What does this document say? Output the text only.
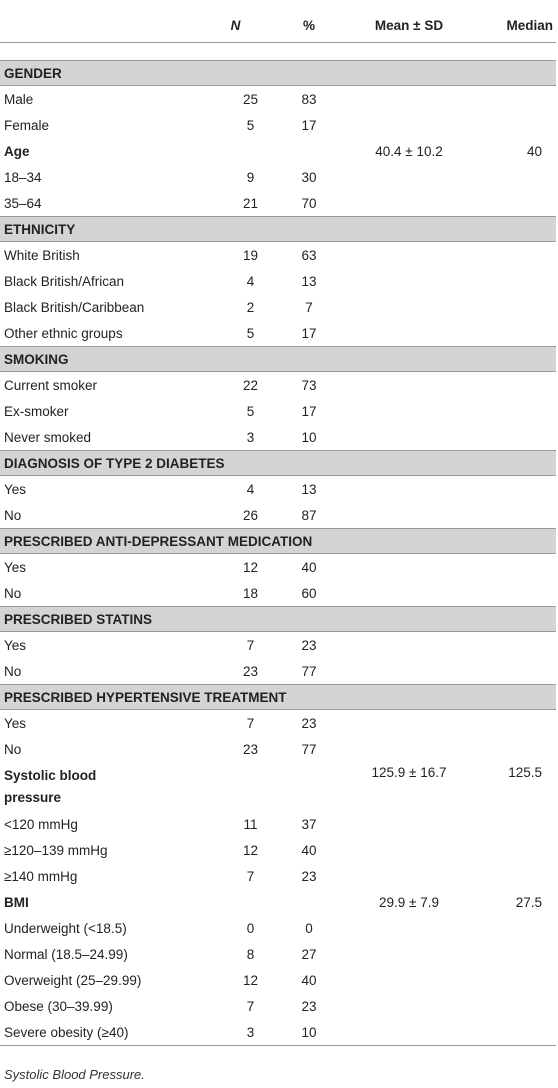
	N	%	Mean ± SD	Median

GENDER				
Male	25	83		
Female	5	17		
Age			40.4 ± 10.2	40
18–34	9	30		
35–64	21	70		
ETHNICITY				
White British	19	63		
Black British/African	4	13		
Black British/Caribbean	2	7		
Other ethnic groups	5	17		
SMOKING				
Current smoker	22	73		
Ex-smoker	5	17		
Never smoked	3	10		
DIAGNOSIS OF TYPE 2 DIABETES				
Yes	4	13		
No	26	87		
PRESCRIBED ANTI-DEPRESSANT MEDICATION				
Yes	12	40		
No	18	60		
PRESCRIBED STATINS				
Yes	7	23		
No	23	77		
PRESCRIBED HYPERTENSIVE TREATMENT				
Yes	7	23		
No	23	77		
Systolic blood
pressure			125.9 ± 16.7	125.5
<120 mmHg	11	37		
≥120–139 mmHg	12	40		
≥140 mmHg	7	23		
BMI			29.9 ± 7.9	27.5
Underweight (<18.5)	0	0		
Normal (18.5–24.99)	8	27		
Overweight (25–29.99)	12	40		
Obese (30–39.99)	7	23		
Severe obesity (≥40)	3	10		
Systolic Blood Pressure.
